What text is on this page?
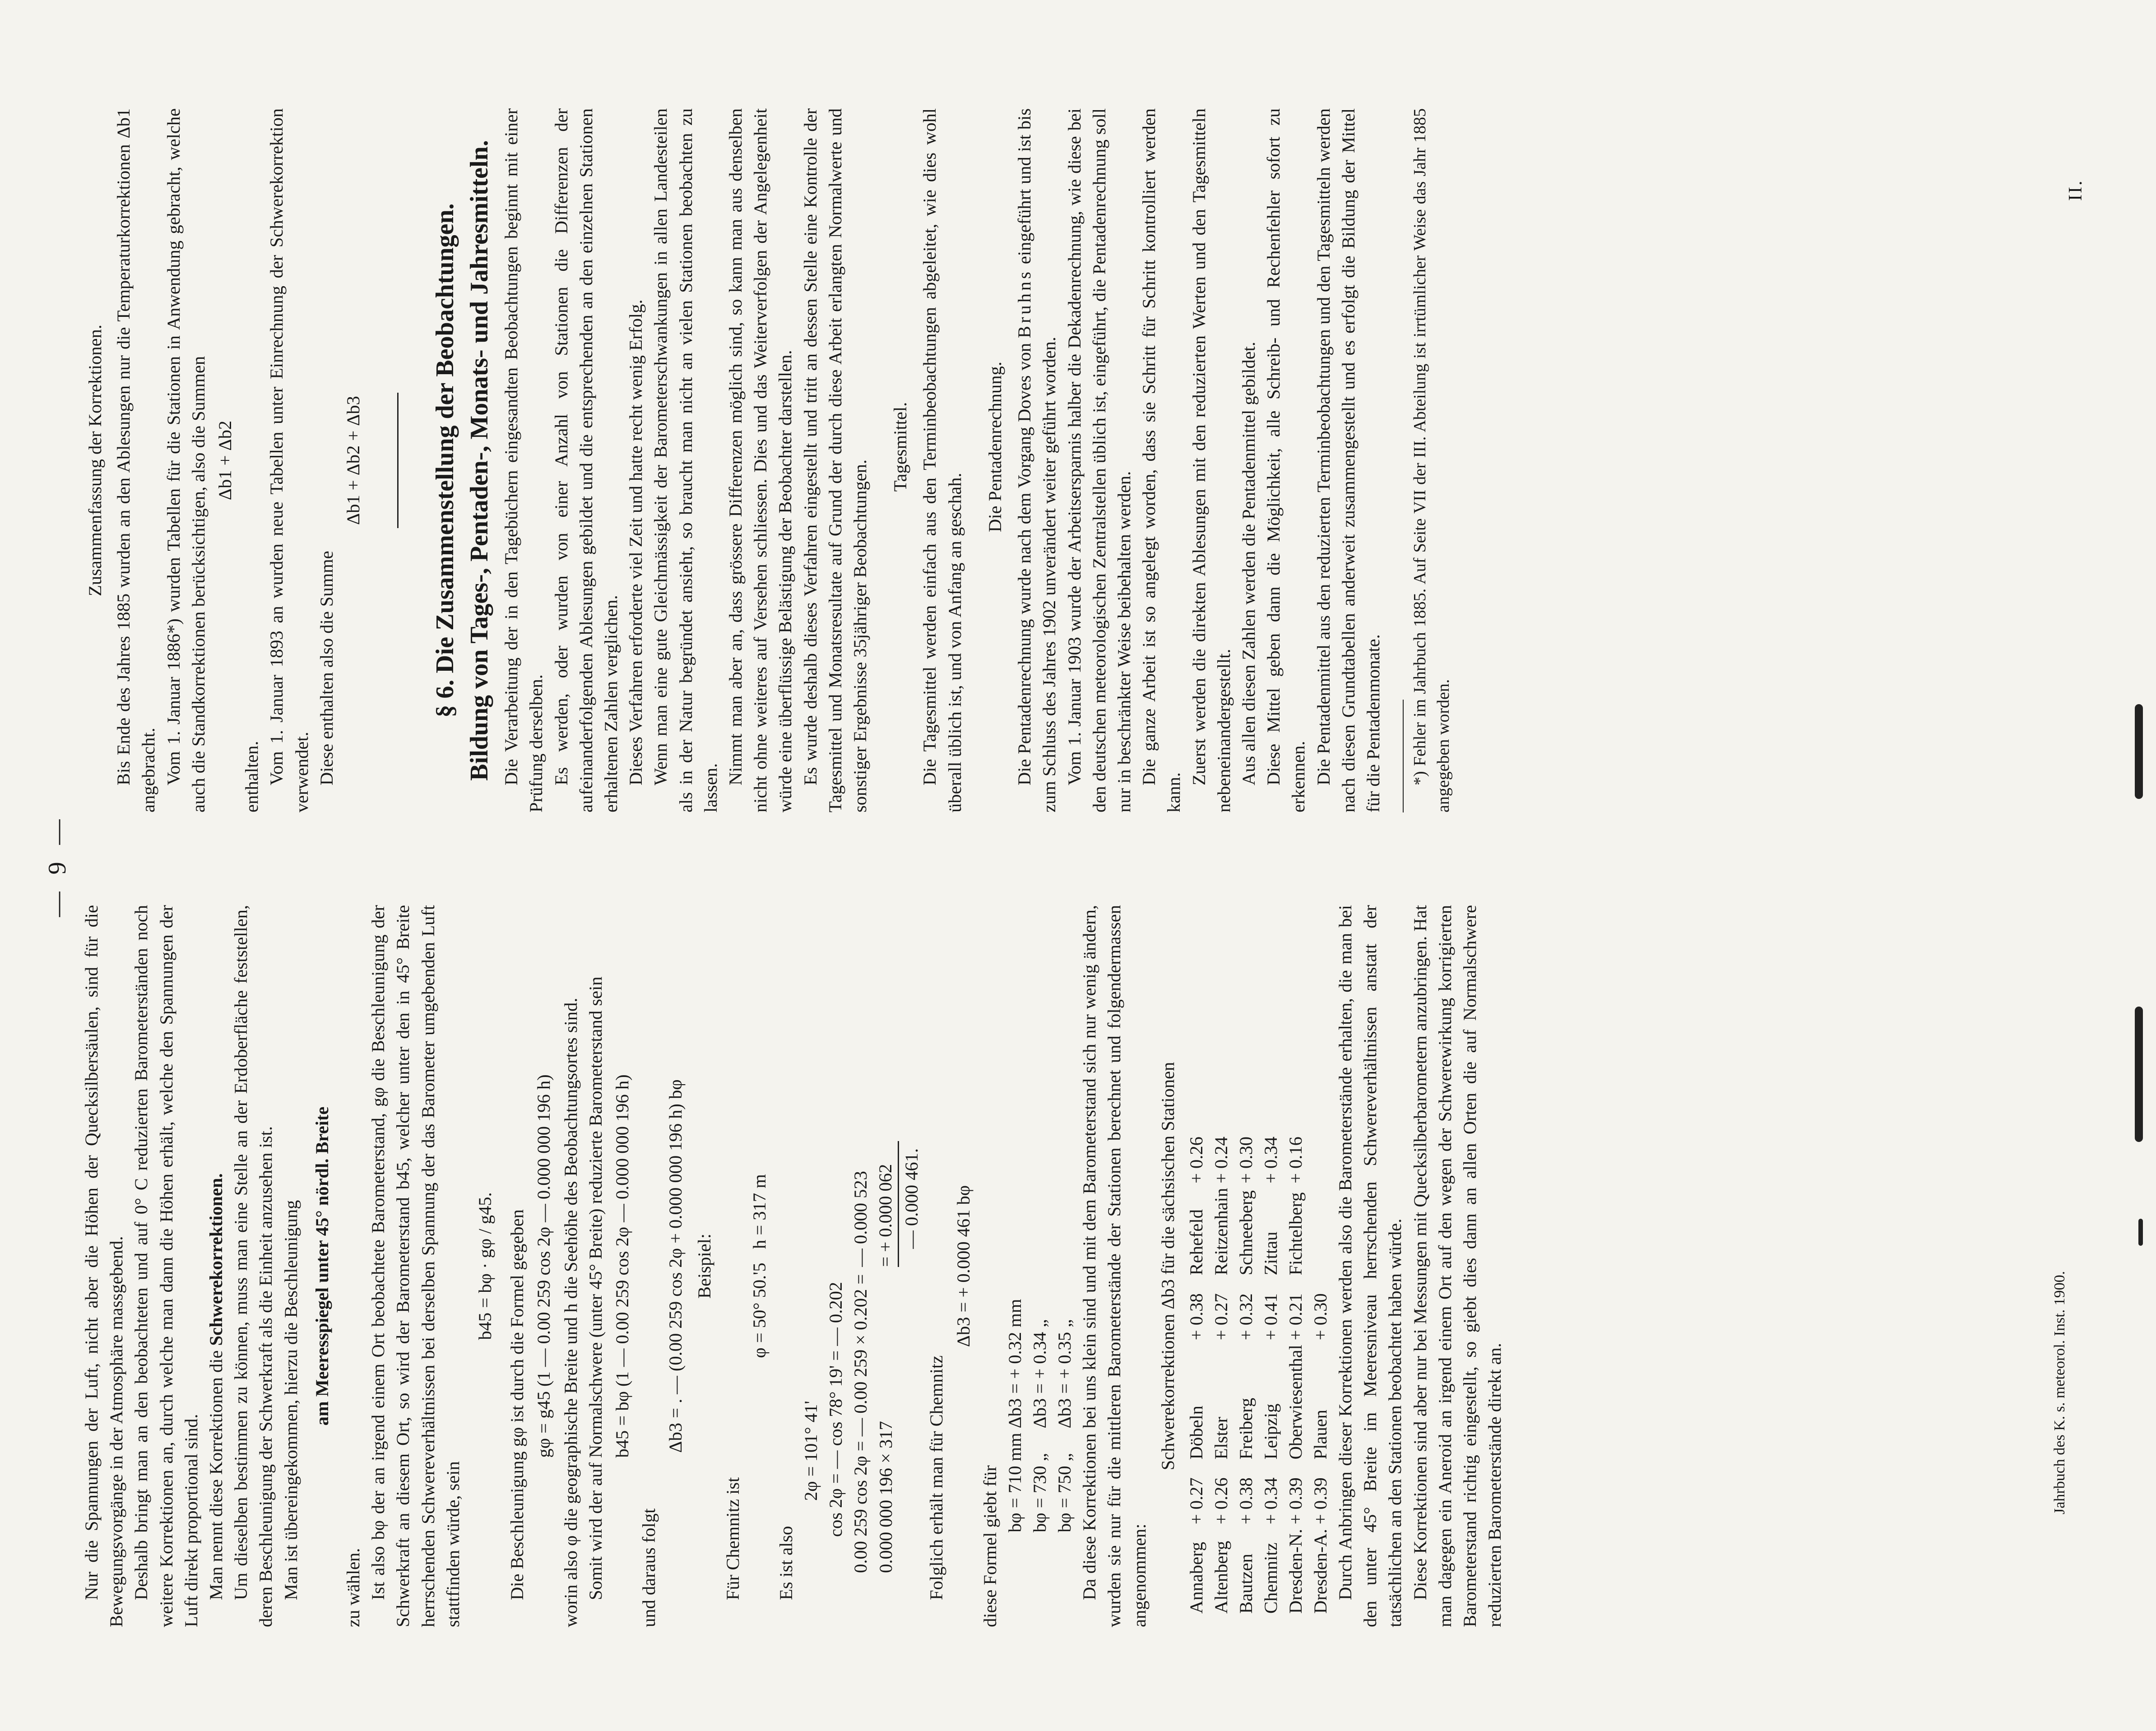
— 9 —

Nur die Spannungen der Luft, nicht aber die Höhen der Quecksilbersäulen, sind für die Bewegungsvorgänge in der Atmosphäre massgebend. Deshalb bringt man an den beobachteten und auf 0° C reduzierten Barometerständen noch weitere Korrektionen an, durch welche man dann die Höhen erhält, welche den Spannungen der Luft direkt proportional sind. Man nennt diese Korrektionen die Schwerekorrektionen. Um dieselben bestimmen zu können, muss man eine Stelle an der Erdoberfläche feststellen, deren Beschleunigung der Schwerkraft als die Einheit anzusehen ist. Man ist übereingekommen, hierzu die Beschleunigung am Meeresspiegel unter 45° nördl. Breite

zu wählen. Ist also bφ der an irgend einem Ort beobachtete Barometerstand, gφ die Beschleunigung der Schwerkraft an diesem Ort, so wird der Barometerstand b45, welcher unter den in 45° Breite herrschenden Schwereverhältnissen bei derselben Spannung der das Barometer umgebenden Luft stattfinden würde, sein

b45 = bφ · gφ / g45. Die Beschleunigung gφ ist durch die Formel gegeben gφ = g45 (1 — 0.00 259 cos 2φ — 0.000 000 196 h) worin also φ die geographische Breite und h die Seehöhe des Beobachtungsortes sind. Somit wird der auf Normalschwere (unter 45° Breite) reduzierte Barometerstand sein b45 = bφ (1 — 0.00 259 cos 2φ — 0.000 000 196 h)

und daraus folgt

Δb3 = . — (0.00 259 cos 2φ + 0.000 000 196 h) bφ Beispiel:

Für Chemnitz ist

φ = 50° 50.'5   h = 317 m

Es ist also

2φ = 101° 41'	
cos 2φ = — cos 78° 19' = — 0.202	
0.00 259 cos 2φ = — 0.00 259 × 0.202 =	— 0.000 523
0.000 000 196 × 317	= + 0.000 062
	— 0.000 461.

Folglich erhält man für Chemnitz

Δb3 = + 0.000 461 bφ

diese Formel giebt für bφ = 710 mm	Δb3 = + 0.32 mm
bφ = 730 „	Δb3 = + 0.34 „
bφ = 750 „	Δb3 = + 0.35 „ Da diese Korrektionen bei uns klein sind und mit dem Barometerstand sich nur wenig ändern, wurden sie nur für die mittleren Barometerstände der Stationen berechnet und folgendermassen angenommen:

Schwerekorrektionen Δb3 für die sächsischen Stationen

Annaberg	+ 0.27	Döbeln	+ 0.38	Rehefeld	+ 0.26
Altenberg	+ 0.26	Elster	+ 0.27	Reitzenhain	+ 0.24
Bautzen	+ 0.38	Freiberg	+ 0.32	Schneeberg	+ 0.30
Chemnitz	+ 0.34	Leipzig	+ 0.41	Zittau	+ 0.34
Dresden-N.	+ 0.39	Oberwiesenthal	+ 0.21	Fichtelberg	+ 0.16
Dresden-A.	+ 0.39	Plauen	+ 0.30		Durch Anbringen dieser Korrektionen werden also die Barometerstände erhalten, die man bei den unter 45° Breite im Meeresniveau herrschenden Schwereverhältnissen anstatt der tatsächlichen an den Stationen beobachtet haben würde. Diese Korrektionen sind aber nur bei Messungen mit Quecksilberbarometern anzubringen. Hat man dagegen ein Aneroid an irgend einem Ort auf den wegen der Schwerewirkung korrigierten Barometerstand richtig eingestellt, so giebt dies dann an allen Orten die auf Normalschwere reduzierten Barometerstände direkt an.

Zusammenfassung der Korrektionen. Bis Ende des Jahres 1885 wurden an den Ablesungen nur die Temperaturkorrektionen Δb1 angebracht. Vom 1. Januar 1886*) wurden Tabellen für die Stationen in Anwendung gebracht, welche auch die Standkorrektionen berücksichtigen, also die Summen Δb1 + Δb2

enthalten. Vom 1. Januar 1893 an wurden neue Tabellen unter Einrechnung der Schwerekorrektion verwendet. Diese enthalten also die Summe

Δb1 + Δb2 + Δb3	§ 6. Die Zusammenstellung der Beobachtungen. Bildung von Tages-, Pentaden-, Monats- und Jahresmitteln. Die Verarbeitung der in den Tagebüchern eingesandten Beobachtungen beginnt mit einer Prüfung derselben. Es werden, oder wurden von einer Anzahl von Stationen die Differenzen der aufeinanderfolgenden Ablesungen gebildet und die entsprechenden an den einzelnen Stationen erhaltenen Zahlen verglichen. Dieses Verfahren erforderte viel Zeit und hatte recht wenig Erfolg. Wenn man eine gute Gleichmässigkeit der Barometerschwankungen in allen Landesteilen als in der Natur begründet ansieht, so braucht man nicht an vielen Stationen beobachten zu lassen.

Nimmt man aber an, dass grössere Differenzen möglich sind, so kann man aus denselben nicht ohne weiteres auf Versehen schliessen. Dies und das Weiterverfolgen der Angelegenheit würde eine überflüssige Belästigung der Beobachter darstellen. Es wurde deshalb dieses Verfahren eingestellt und tritt an dessen Stelle eine Kontrolle der Tagesmittel und Monatsresultate auf Grund der durch diese Arbeit erlangten Normalwerte und sonstiger Ergebnisse 35jähriger Beobachtungen.

Tagesmittel. Die Tagesmittel werden einfach aus den Terminbeobachtungen abgeleitet, wie dies wohl überall üblich ist, und von Anfang an geschah.

Die Pentadenrechnung. Die Pentadenrechnung wurde nach dem Vorgang Doves von Bruhns eingeführt und ist bis zum Schluss des Jahres 1902 unverändert weiter geführt worden. Vom 1. Januar 1903 wurde der Arbeitsersparnis halber die Dekadenrechnung, wie diese bei den deutschen meteorologischen Zentralstellen üblich ist, eingeführt, die Pentadenrechnung soll nur in beschränkter Weise beibehalten werden. Die ganze Arbeit ist so angelegt worden, dass sie Schritt für Schritt kontrolliert werden kann.

Zuerst werden die direkten Ablesungen mit den reduzierten Werten und den Tagesmitteln nebeneinandergestellt. Aus allen diesen Zahlen werden die Pentadenmittel gebildet. Diese Mittel geben dann die Möglichkeit, alle Schreib- und Rechenfehler sofort zu erkennen. Die Pentadenmittel aus den reduzierten Terminbeobachtungen und den Tagesmitteln werden nach diesen Grundtabellen anderweit zusammengestellt und es erfolgt die Bildung der Mittel für die Pentadenmonate. *) Fehler im Jahrbuch 1885. Auf Seite VII der III. Abteilung ist irrtümlicher Weise das Jahr 1885 angegeben worden.

Jahrbuch des K. s. meteorol. Inst. 1900.
II.
